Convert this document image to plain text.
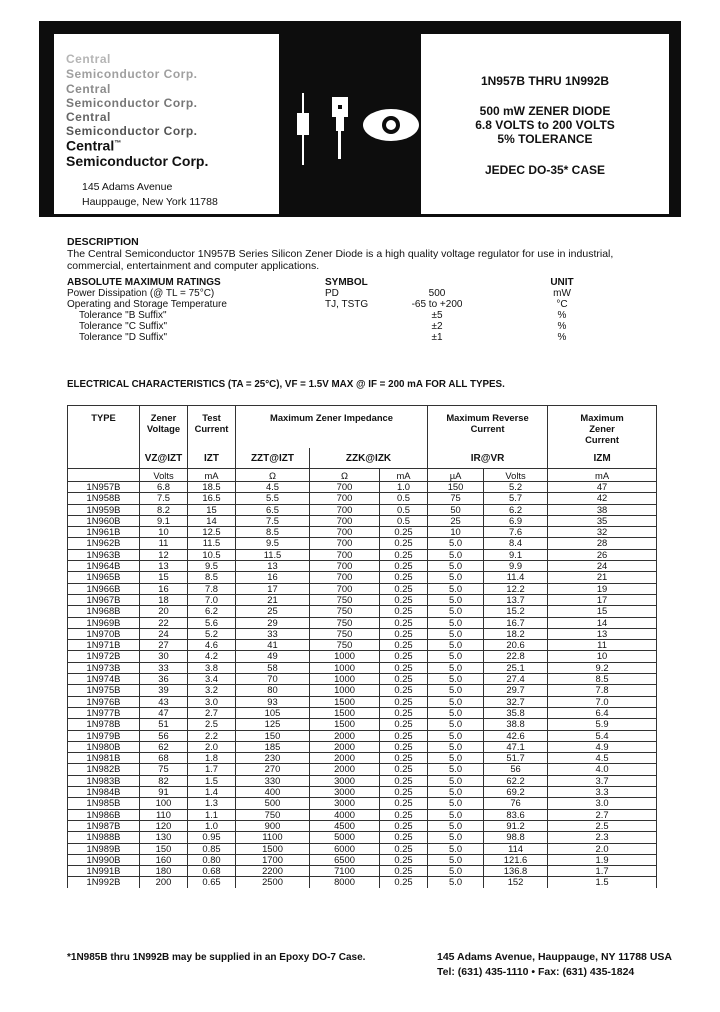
Central
Semiconductor Corp.
Central
Semiconductor Corp.
Central
Semiconductor Corp.
Central™
Semiconductor Corp.
145 Adams Avenue
Hauppauge, New York 11788
1N957B THRU 1N992B
500 mW ZENER DIODE
6.8 VOLTS to 200 VOLTS
5% TOLERANCE
JEDEC DO-35* CASE
DESCRIPTION
The Central Semiconductor 1N957B Series Silicon Zener Diode is a high quality voltage regulator for use in industrial, commercial, entertainment and computer applications.
ABSOLUTE MAXIMUM RATINGS	SYMBOL	UNIT
Power Dissipation (@ TL = 75°C)	PD	500	mW
Operating and Storage Temperature	TJ, TSTG	-65 to +200	°C
Tolerance "B Suffix"	±5	%
Tolerance "C Suffix"	±2	%
Tolerance "D Suffix"	±1	%
ELECTRICAL CHARACTERISTICS (TA = 25°C), VF = 1.5V MAX @ IF = 200 mA FOR ALL TYPES.
TYPE	Zener Voltage	Test Current	Maximum Zener Impedance			Maximum Reverse Current		Maximum Zener Current
	VZ@IZT	IZT	ZZT@IZT	ZZK@IZK		IR@VR		IZM
	Volts	mA	Ω	Ω	mA	µA	Volts	mA
1N957B	6.8	18.5	4.5	700	1.0	150	5.2	47
1N958B	7.5	16.5	5.5	700	0.5	75	5.7	42
1N959B	8.2	15	6.5	700	0.5	50	6.2	38
1N960B	9.1	14	7.5	700	0.5	25	6.9	35
1N961B	10	12.5	8.5	700	0.25	10	7.6	32
1N962B	11	11.5	9.5	700	0.25	5.0	8.4	28
1N963B	12	10.5	11.5	700	0.25	5.0	9.1	26
1N964B	13	9.5	13	700	0.25	5.0	9.9	24
1N965B	15	8.5	16	700	0.25	5.0	11.4	21
1N966B	16	7.8	17	700	0.25	5.0	12.2	19
1N967B	18	7.0	21	750	0.25	5.0	13.7	17
1N968B	20	6.2	25	750	0.25	5.0	15.2	15
1N969B	22	5.6	29	750	0.25	5.0	16.7	14
1N970B	24	5.2	33	750	0.25	5.0	18.2	13
1N971B	27	4.6	41	750	0.25	5.0	20.6	11
1N972B	30	4.2	49	1000	0.25	5.0	22.8	10
1N973B	33	3.8	58	1000	0.25	5.0	25.1	9.2
1N974B	36	3.4	70	1000	0.25	5.0	27.4	8.5
1N975B	39	3.2	80	1000	0.25	5.0	29.7	7.8
1N976B	43	3.0	93	1500	0.25	5.0	32.7	7.0
1N977B	47	2.7	105	1500	0.25	5.0	35.8	6.4
1N978B	51	2.5	125	1500	0.25	5.0	38.8	5.9
1N979B	56	2.2	150	2000	0.25	5.0	42.6	5.4
1N980B	62	2.0	185	2000	0.25	5.0	47.1	4.9
1N981B	68	1.8	230	2000	0.25	5.0	51.7	4.5
1N982B	75	1.7	270	2000	0.25	5.0	56	4.0
1N983B	82	1.5	330	3000	0.25	5.0	62.2	3.7
1N984B	91	1.4	400	3000	0.25	5.0	69.2	3.3
1N985B	100	1.3	500	3000	0.25	5.0	76	3.0
1N986B	110	1.1	750	4000	0.25	5.0	83.6	2.7
1N987B	120	1.0	900	4500	0.25	5.0	91.2	2.5
1N988B	130	0.95	1100	5000	0.25	5.0	98.8	2.3
1N989B	150	0.85	1500	6000	0.25	5.0	114	2.0
1N990B	160	0.80	1700	6500	0.25	5.0	121.6	1.9
1N991B	180	0.68	2200	7100	0.25	5.0	136.8	1.7
1N992B	200	0.65	2500	8000	0.25	5.0	152	1.5
*1N985B thru 1N992B may be supplied in an Epoxy DO-7 Case.	145 Adams Avenue, Hauppauge, NY 11788 USA
Tel: (631) 435-1110 • Fax: (631) 435-1824
